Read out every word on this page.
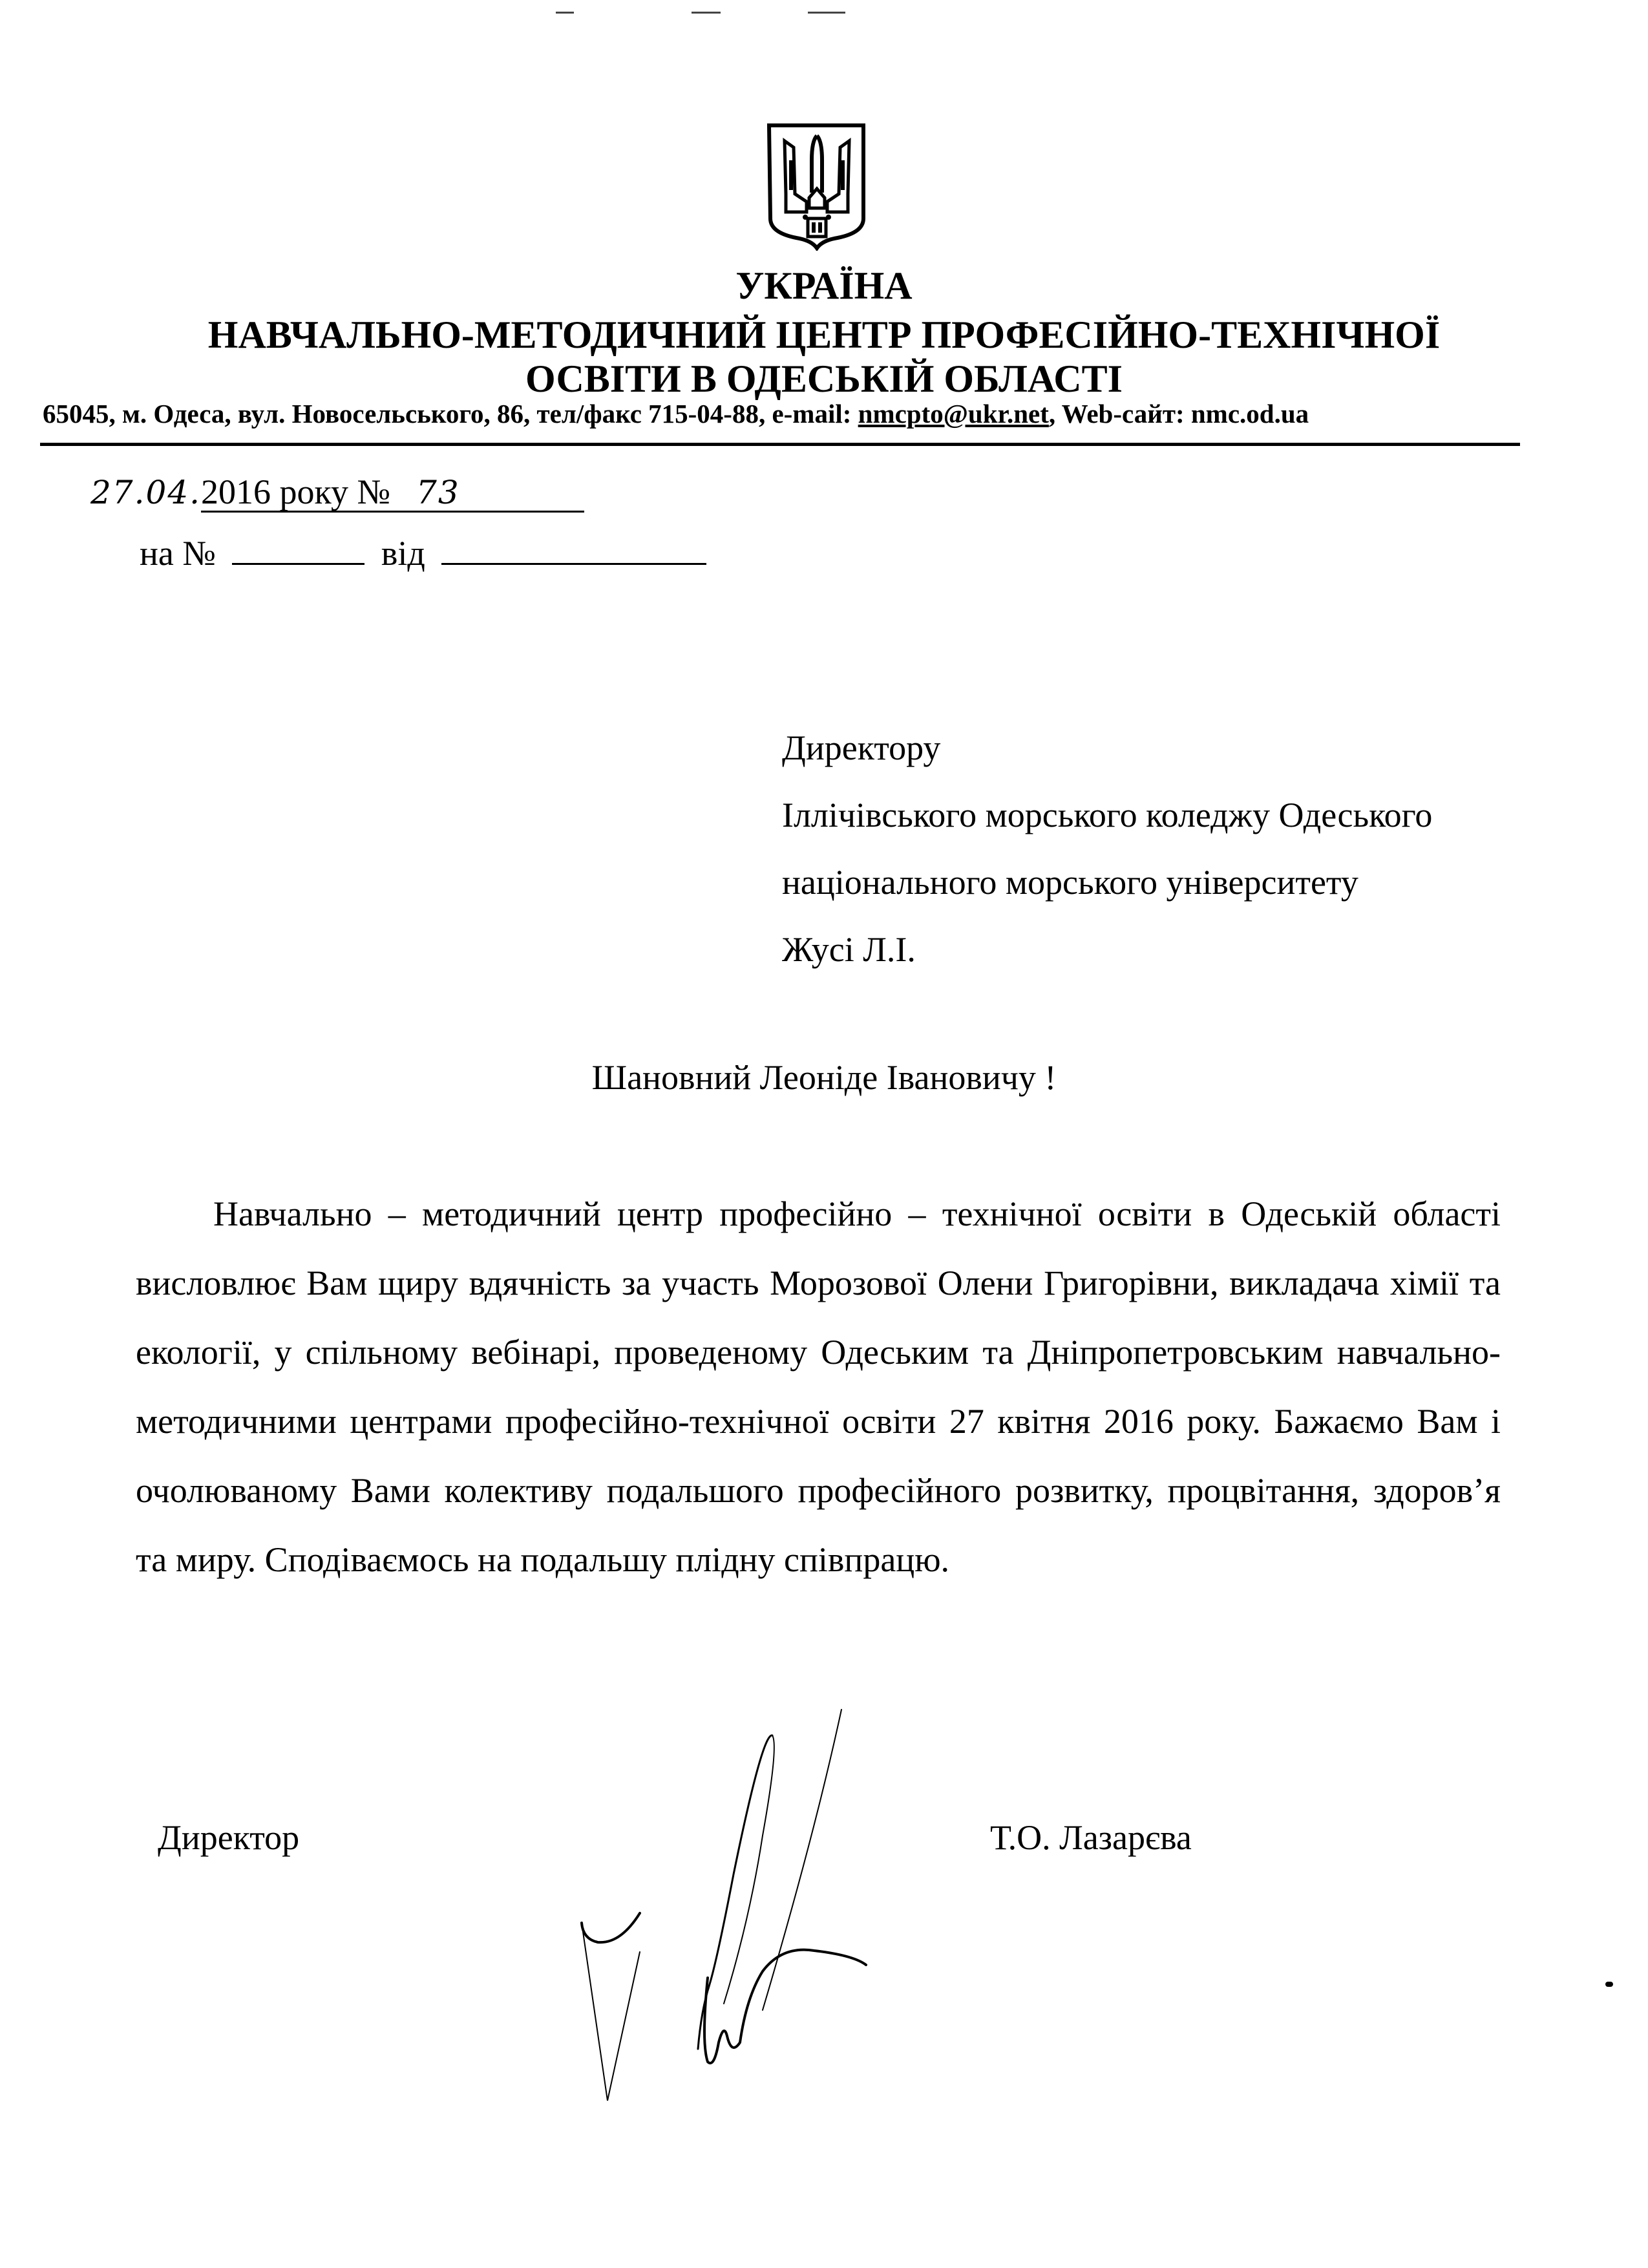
УКРАЇНА
НАВЧАЛЬНО-МЕТОДИЧНИЙ ЦЕНТР ПРОФЕСІЙНО-ТЕХНІЧНОЇ
ОСВІТИ В ОДЕСЬКІЙ ОБЛАСТІ
65045, м. Одеса, вул. Новосельського, 86, тел/факс 715-04-88, e-mail: nmcpto@ukr.net, Web-сайт: nmc.od.ua
27.04.2016 року № 73
на №	від
Директору
Іллічівського морського коледжу Одеського
національного морського університету
Жусі Л.І.
Шановний Леоніде Івановичу !
Навчально – методичний центр професійно – технічної освіти в Одеській області висловлює Вам щиру вдячність за участь Морозової Олени Григорівни, викладача хімії та екології, у спільному вебінарі, проведеному Одеським та Дніпропетровським навчально-методичними центрами професійно-технічної освіти 27 квітня 2016 року. Бажаємо Вам і очолюваному Вами колективу подальшого професійного розвитку, процвітання, здоров’я та миру. Сподіваємось на подальшу плідну співпрацю.
Директор	Т.О. Лазарєва
